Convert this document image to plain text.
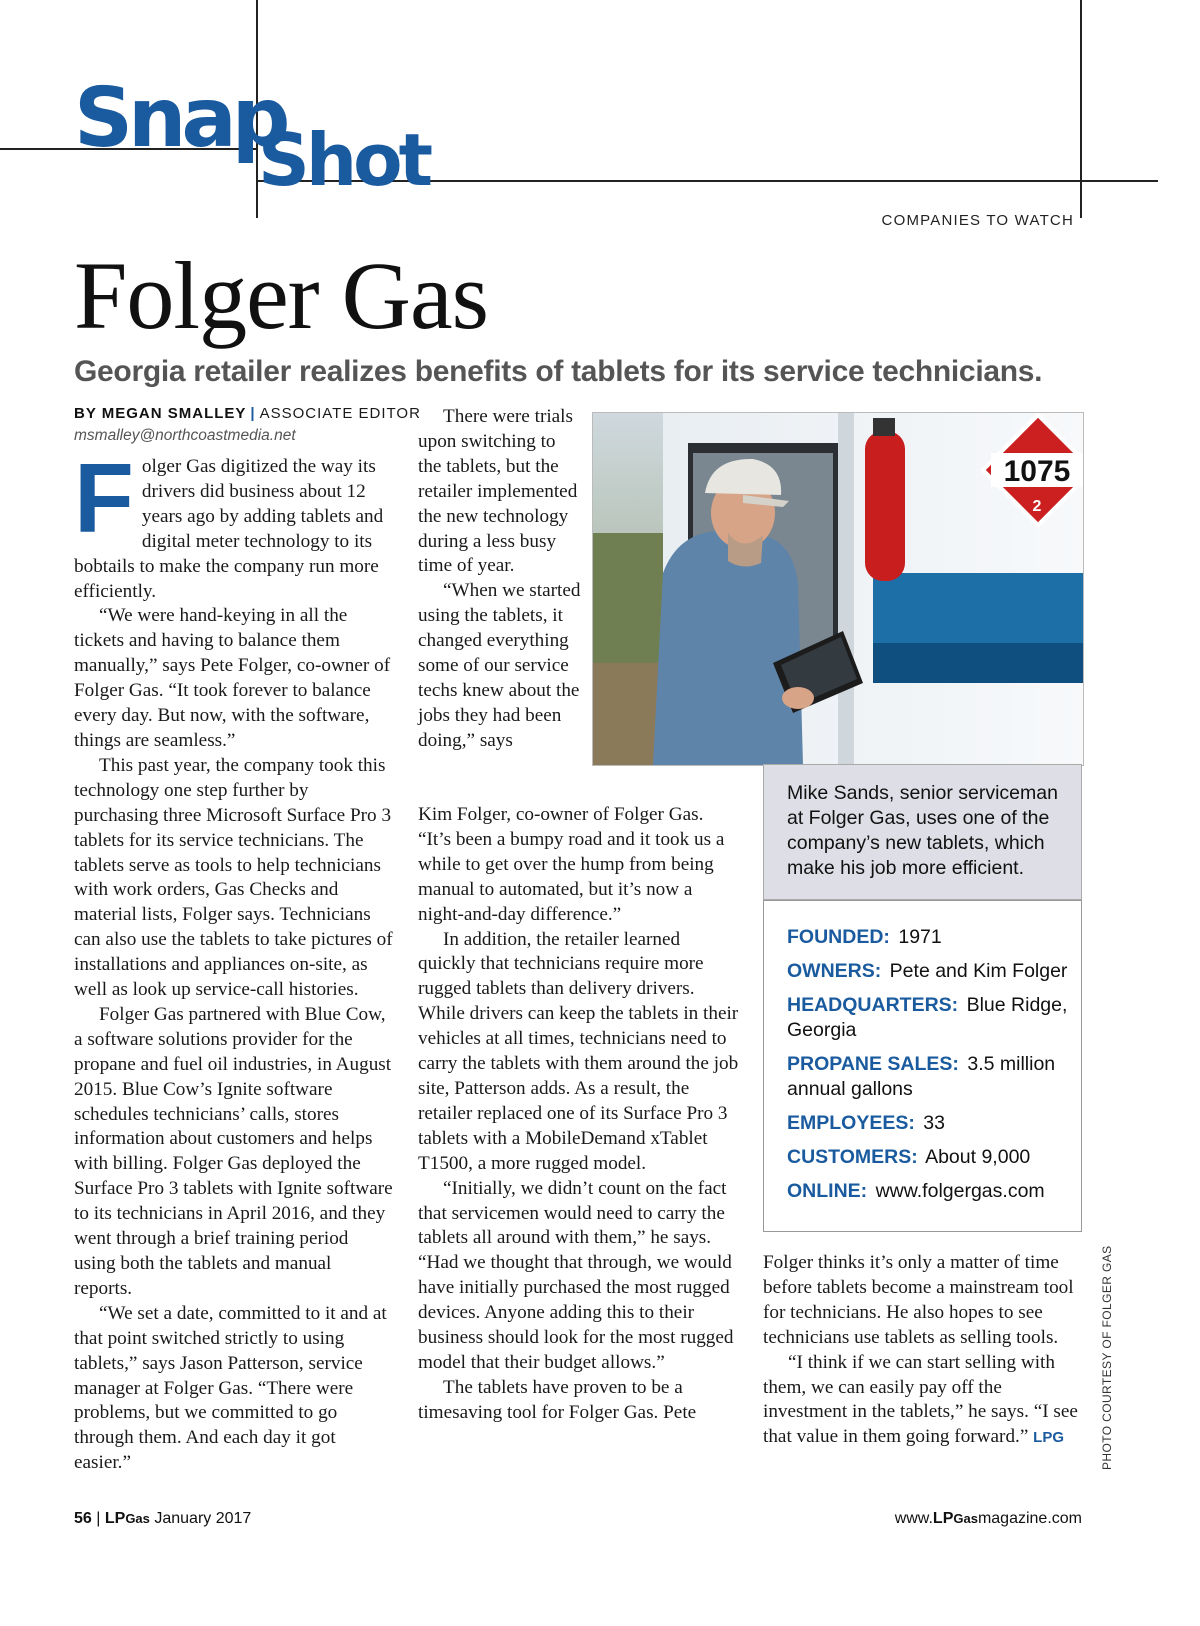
Snap
Shot
COMPANIES TO WATCH
Folger Gas
Georgia retailer realizes benefits of tablets for its service technicians.
BY MEGAN SMALLEY | ASSOCIATE EDITOR
msmalley@northcoastmedia.net

Folger Gas digitized the way its drivers did business about 12 years ago by adding tablets and digital meter technology to its bobtails to make the company run more efficiently.

“We were hand-keying in all the tickets and having to balance them manually,” says Pete Folger, co-owner of Folger Gas. “It took forever to balance every day. But now, with the software, things are seamless.”

This past year, the company took this technology one step further by purchasing three Microsoft Surface Pro 3 tablets for its service technicians. The tablets serve as tools to help technicians with work orders, Gas Checks and material lists, Folger says. Technicians can also use the tablets to take pictures of installations and appliances on-site, as well as look up service-call histories.

Folger Gas partnered with Blue Cow, a software solutions provider for the propane and fuel oil industries, in August 2015. Blue Cow’s Ignite software schedules technicians’ calls, stores information about customers and helps with billing. Folger Gas deployed the Surface Pro 3 tablets with Ignite software to its technicians in April 2016, and they went through a brief training period using both the tablets and manual reports.

“We set a date, committed to it and at that point switched strictly to using tablets,” says Jason Patterson, service manager at Folger Gas. “There were problems, but we committed to go through them. And each day it got easier.”

There were trials upon switching to the tablets, but the retailer implemented the new technology during a less busy time of year.

“When we started using the tablets, it changed everything some of our service techs knew about the jobs they had been doing,” says

Kim Folger, co-owner of Folger Gas. “It’s been a bumpy road and it took us a while to get over the hump from being manual to automated, but it’s now a night-and-day difference.”

In addition, the retailer learned quickly that technicians require more rugged tablets than delivery drivers. While drivers can keep the tablets in their vehicles at all times, technicians need to carry the tablets with them around the job site, Patterson adds. As a result, the retailer replaced one of its Surface Pro 3 tablets with a MobileDemand xTablet T1500, a more rugged model.

“Initially, we didn’t count on the fact that servicemen would need to carry the tablets all around with them,” he says. “Had we thought that through, we would have initially purchased the most rugged devices. Anyone adding this to their business should look for the most rugged model that their budget allows.”

The tablets have proven to be a timesaving tool for Folger Gas. Pete

1075
2
Mike Sands, senior serviceman at Folger Gas, uses one of the company’s new tablets, which make his job more efficient.
FOUNDED: 1971
OWNERS: Pete and Kim Folger
HEADQUARTERS: Blue Ridge, Georgia
PROPANE SALES: 3.5 million annual gallons
EMPLOYEES: 33
CUSTOMERS: About 9,000
ONLINE: www.folgergas.com

Folger thinks it’s only a matter of time before tablets become a mainstream tool for technicians. He also hopes to see technicians use tablets as selling tools.

“I think if we can start selling with them, we can easily pay off the investment in the tablets,” he says. “I see that value in them going forward.” LPG	PHOTO COURTESY OF FOLGER GAS
56 | LPGas January 2017	www.LPGasmagazine.com
